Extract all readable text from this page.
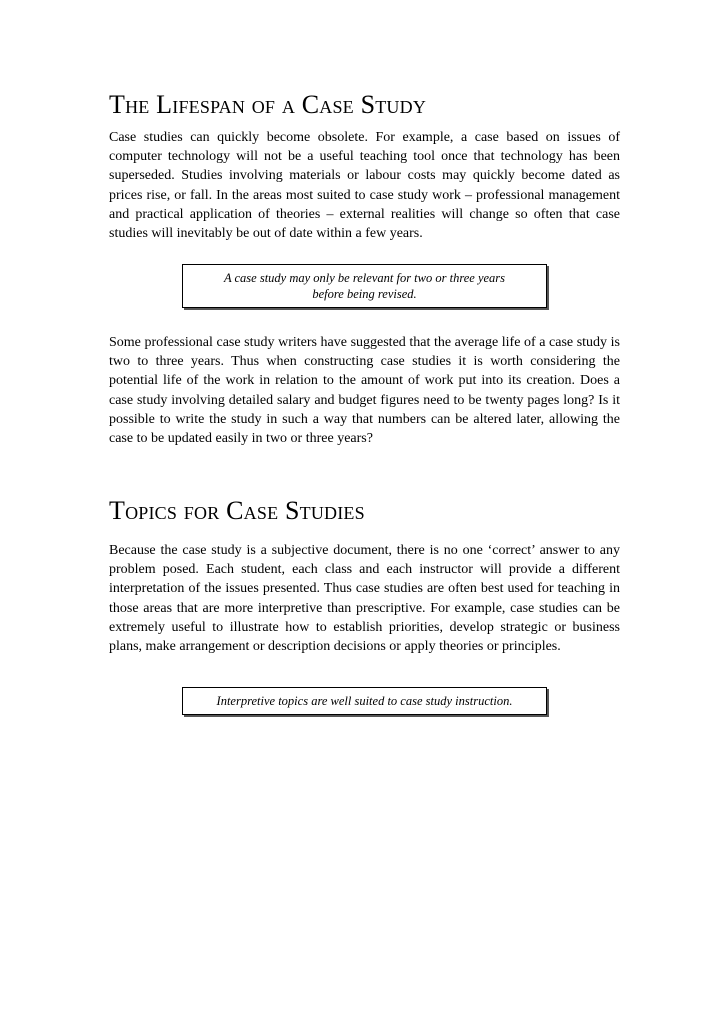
The Lifespan of a Case Study

Case studies can quickly become obsolete. For example, a case based on issues of computer technology will not be a useful teaching tool once that technology has been superseded. Studies involving materials or labour costs may quickly become dated as prices rise, or fall. In the areas most suited to case study work – professional management and practical application of theories – external realities will change so often that case studies will inevitably be out of date within a few years.

A case study may only be relevant for two or three years
before being revised.

Some professional case study writers have suggested that the average life of a case study is two to three years. Thus when constructing case studies it is worth considering the potential life of the work in relation to the amount of work put into its creation. Does a case study involving detailed salary and budget figures need to be twenty pages long? Is it possible to write the study in such a way that numbers can be altered later, allowing the case to be updated easily in two or three years?

Topics for Case Studies

Because the case study is a subjective document, there is no one ‘correct’ answer to any problem posed. Each student, each class and each instructor will provide a different interpretation of the issues presented. Thus case studies are often best used for teaching in those areas that are more interpretive than prescriptive. For example, case studies can be extremely useful to illustrate how to establish priorities, develop strategic or business plans, make arrangement or description decisions or apply theories or principles.

Interpretive topics are well suited to case study instruction.
